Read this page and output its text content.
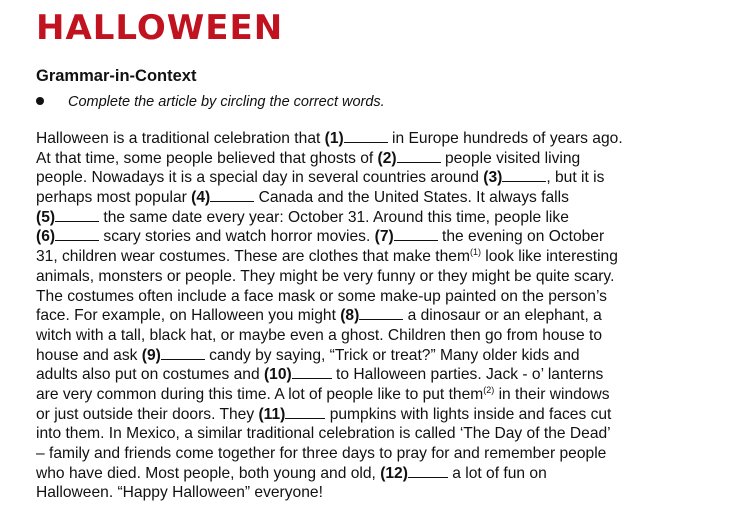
HALLOWEEN
Grammar-in-Context
Complete the article by circling the correct words.
Halloween is a traditional celebration that (1)	in Europe hundreds of years ago.
At that time, some people believed that ghosts of (2)	people visited living
people. Nowadays it is a special day in several countries around (3)	, but it is
perhaps most popular (4)	Canada and the United States. It always falls
(5)	the same date every year: October 31. Around this time, people like
(6)	scary stories and watch horror movies. (7)	the evening on October
31, children wear costumes. These are clothes that make them$^{(1)}$ look like interesting
animals, monsters or people. They might be very funny or they might be quite scary.
The costumes often include a face mask or some make-up painted on the person’s
face. For example, on Halloween you might (8)	a dinosaur or an elephant, a
witch with a tall, black hat, or maybe even a ghost. Children then go from house to
house and ask (9)	candy by saying, “Trick or treat?” Many older kids and
adults also put on costumes and (10)	to Halloween parties. Jack - o’ lanterns
are very common during this time. A lot of people like to put them$^{(2)}$ in their windows
or just outside their doors. They (11)	pumpkins with lights inside and faces cut
into them. In Mexico, a similar traditional celebration is called ‘The Day of the Dead’
– family and friends come together for three days to pray for and remember people
who have died. Most people, both young and old, (12)	a lot of fun on
Halloween. “Happy Halloween” everyone!
